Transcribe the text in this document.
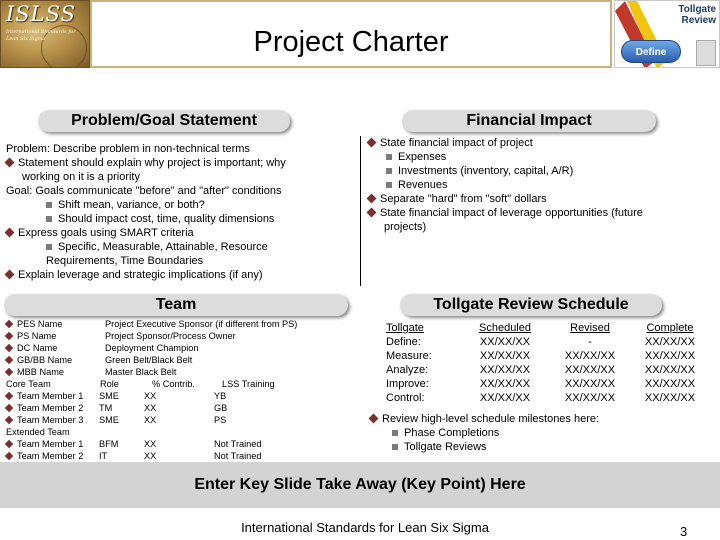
ISLSS
International Standards for Lean Six Sigma	Project Charter
Tollgate Review
Define
Problem/Goal Statement
Problem: Describe problem in non-technical terms
Statement should explain why project is important; why
working on it is a priority
Goal: Goals communicate "before" and "after" conditions
Shift mean, variance, or both?
Should impact cost, time, quality dimensions
Express goals using SMART criteria
Specific, Measurable, Attainable, Resource
Requirements, Time Boundaries
Explain leverage and strategic implications (if any)
Financial Impact
State financial impact of project
Expenses
Investments (inventory, capital, A/R)
Revenues
Separate "hard" from "soft" dollars
State financial impact of leverage opportunities (future
projects)
Team
PES Name	Project Executive Sponsor (if different from PS)
PS Name	Project Sponsor/Process Owner
DC Name	Deployment Champion
GB/BB Name	Green Belt/Black Belt
MBB Name	Master Black Belt
Core Team	Role	% Contrib.	LSS Training
Team Member 1	SME	XX	YB
Team Member 2	TM	XX	GB
Team Member 3	SME	XX	PS
Extended Team
Team Member 1	BFM	XX	Not Trained
Team Member 2	IT	XX	Not Trained
Tollgate Review Schedule
Tollgate	Scheduled	Revised	Complete
Define:	XX/XX/XX	-	XX/XX/XX
Measure:	XX/XX/XX	XX/XX/XX	XX/XX/XX
Analyze:	XX/XX/XX	XX/XX/XX	XX/XX/XX
Improve:	XX/XX/XX	XX/XX/XX	XX/XX/XX
Control:	XX/XX/XX	XX/XX/XX	XX/XX/XX
Review high-level schedule milestones here:
Phase Completions
Tollgate Reviews
Enter Key Slide Take Away (Key Point) Here
International Standards for Lean Six Sigma	3
